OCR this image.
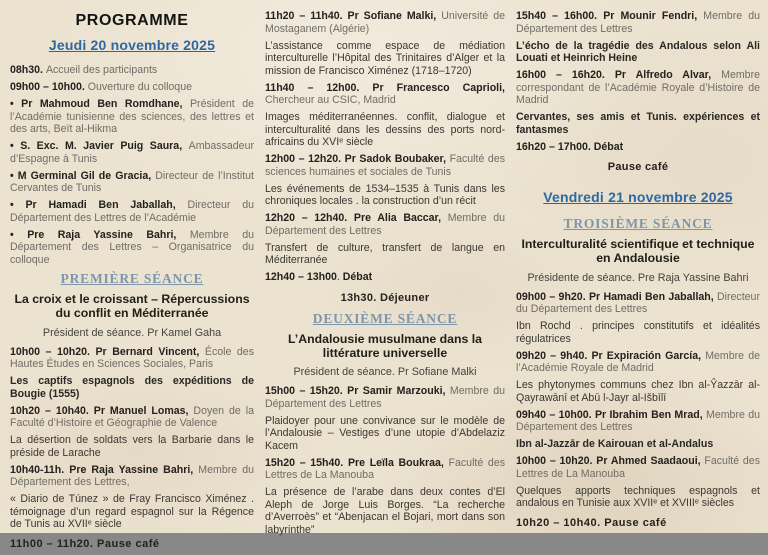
PROGRAMME
Jeudi 20 novembre 2025
08h30. Accueil des participants
09h00 – 10h00. Ouverture du colloque
• Pr Mahmoud Ben Romdhane, Président de l’Académie tunisienne des sciences, des lettres et des arts, Beït al-Hikma
• S. Exc. M. Javier Puig Saura, Ambassadeur d’Espagne à Tunis
• M Germinal Gil de Gracia, Directeur de l’Institut Cervantes de Tunis
• Pr Hamadi Ben Jaballah, Directeur du Département des Lettres de l’Académie
• Pre Raja Yassine Bahri, Membre du Département des Lettres – Organisatrice du colloque
PREMIÈRE SÉANCE
La croix et le croissant – Répercussions du conflit en Méditerranée
Président de séance. Pr Kamel Gaha
10h00 – 10h20. Pr Bernard Vincent, École des Hautes Études en Sciences Sociales, Paris
Les captifs espagnols des expéditions de Bougie (1555)
10h20 – 10h40. Pr Manuel Lomas, Doyen de la Faculté d’Histoire et Géographie de Valence
La désertion de soldats vers la Barbarie dans le préside de Larache
10h40-11h. Pre Raja Yassine Bahri, Membre du Département des Lettres,
« Diario de Túnez » de Fray Francisco Ximénez . témoignage d’un regard espagnol sur la Régence de Tunis au XVIIᵉ siècle
11h00 – 11h20. Pause café
11h20 – 11h40. Pr Sofiane Malki, Université de Mostaganem (Algérie)
L’assistance comme espace de médiation interculturelle l’Hôpital des Trinitaires d’Alger et la mission de Francisco Ximénez (1718–1720)
11h40 – 12h00. Pr Francesco Caprioli, Chercheur au CSIC, Madrid
Images méditerranéennes. conflit, dialogue et interculturalité dans les dessins des ports nord-africains du XVIᵉ siècle
12h00 – 12h20. Pr Sadok Boubaker, Faculté des sciences humaines et sociales de Tunis
Les événements de 1534–1535 à Tunis dans les chroniques locales . la construction d’un récit
12h20 – 12h40. Pre Alia Baccar, Membre du Département des Lettres
Transfert de culture, transfert de langue en Méditerranée
12h40 – 13h00. Débat
13h30. Déjeuner
DEUXIÈME SÉANCE
L’Andalousie musulmane dans la littérature universelle
Président de séance. Pr Sofiane Malki
15h00 – 15h20. Pr Samir Marzouki, Membre du Département des Lettres
Plaidoyer pour une convivance sur le modèle de l’Andalousie – Vestiges d’une utopie d’Abdelaziz Kacem
15h20 – 15h40. Pre Leïla Boukraa, Faculté des Lettres de La Manouba
La présence de l’arabe dans deux contes d’El Aleph de Jorge Luis Borges. “La recherche d’Averroès” et “Abenjacan el Bojari, mort dans son labyrinthe”
15h40 – 16h00. Pr Mounir Fendri, Membre du Département des Lettres
L’écho de la tragédie des Andalous selon Ali Louati et Heinrich Heine
16h00 – 16h20. Pr Alfredo Alvar, Membre correspondant de l’Académie Royale d’Histoire de Madrid
Cervantes, ses amis et Tunis. expériences et fantasmes
16h20 – 17h00. Débat
Pause café
Vendredi 21 novembre 2025
TROISIÈME SÉANCE
Interculturalité scientifique et technique en Andalousie
Présidente de séance. Pre Raja Yassine Bahri
09h00 – 9h20. Pr Hamadi Ben Jaballah, Directeur du Département des Lettres
Ibn Rochd . principes constitutifs et idéalités régulatrices
09h20 – 9h40. Pr Expiración García, Membre de l’Académie Royale de Madrid
Les phytonymes communs chez Ibn al-Ŷazzār al-Qayrawānī et Abū l-Jayr al-Išbīlī
09h40 – 10h00. Pr Ibrahim Ben Mrad, Membre du Département des Lettres
Ibn al-Jazzār de Kairouan et al-Andalus
10h00 – 10h20. Pr Ahmed Saadaoui, Faculté des Lettres de La Manouba
Quelques apports techniques espagnols et andalous en Tunisie aux XVIIᵉ et XVIIIᵉ siècles
10h20 – 10h40. Pause café
